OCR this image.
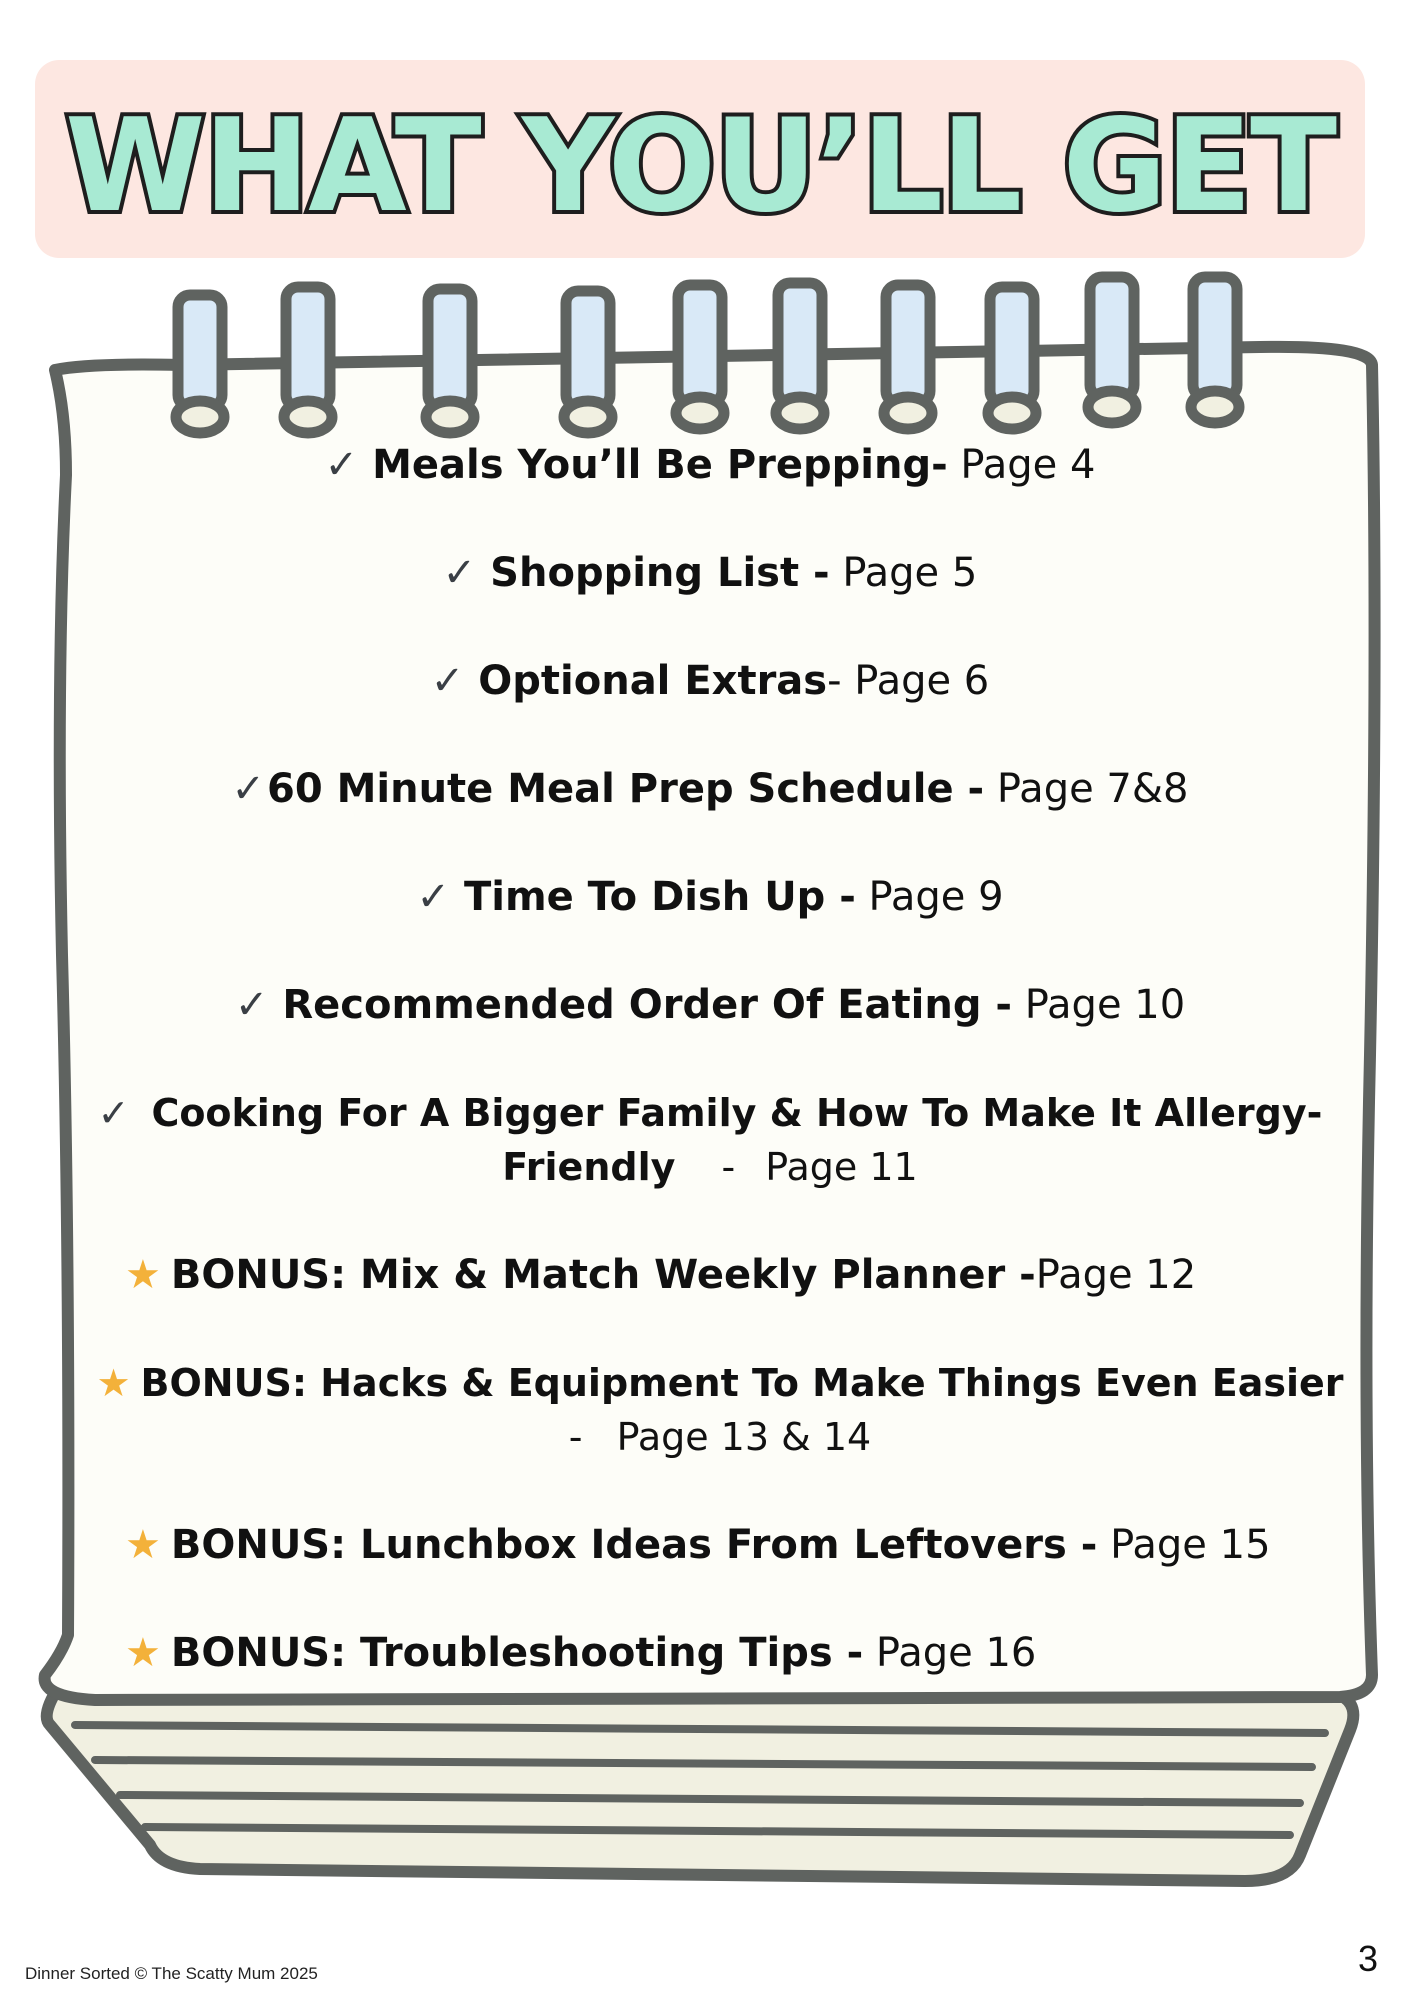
WHAT YOU’LL GET
✓ Meals You’ll Be Prepping- Page 4
✓ Shopping List - Page 5
✓ Optional Extras- Page 6
✓60 Minute Meal Prep Schedule - Page 7&8
✓ Time To Dish Up - Page 9
✓ Recommended Order Of Eating - Page 10
✓ Cooking For A Bigger Family & How To Make It Allergy-
Friendly - Page 11
★ BONUS: Mix & Match Weekly Planner -Page 12
★ BONUS: Hacks & Equipment To Make Things Even Easier
- Page 13 & 14
★ BONUS: Lunchbox Ideas From Leftovers - Page 15
★ BONUS: Troubleshooting Tips - Page 16
Dinner Sorted © The Scatty Mum 2025	3
